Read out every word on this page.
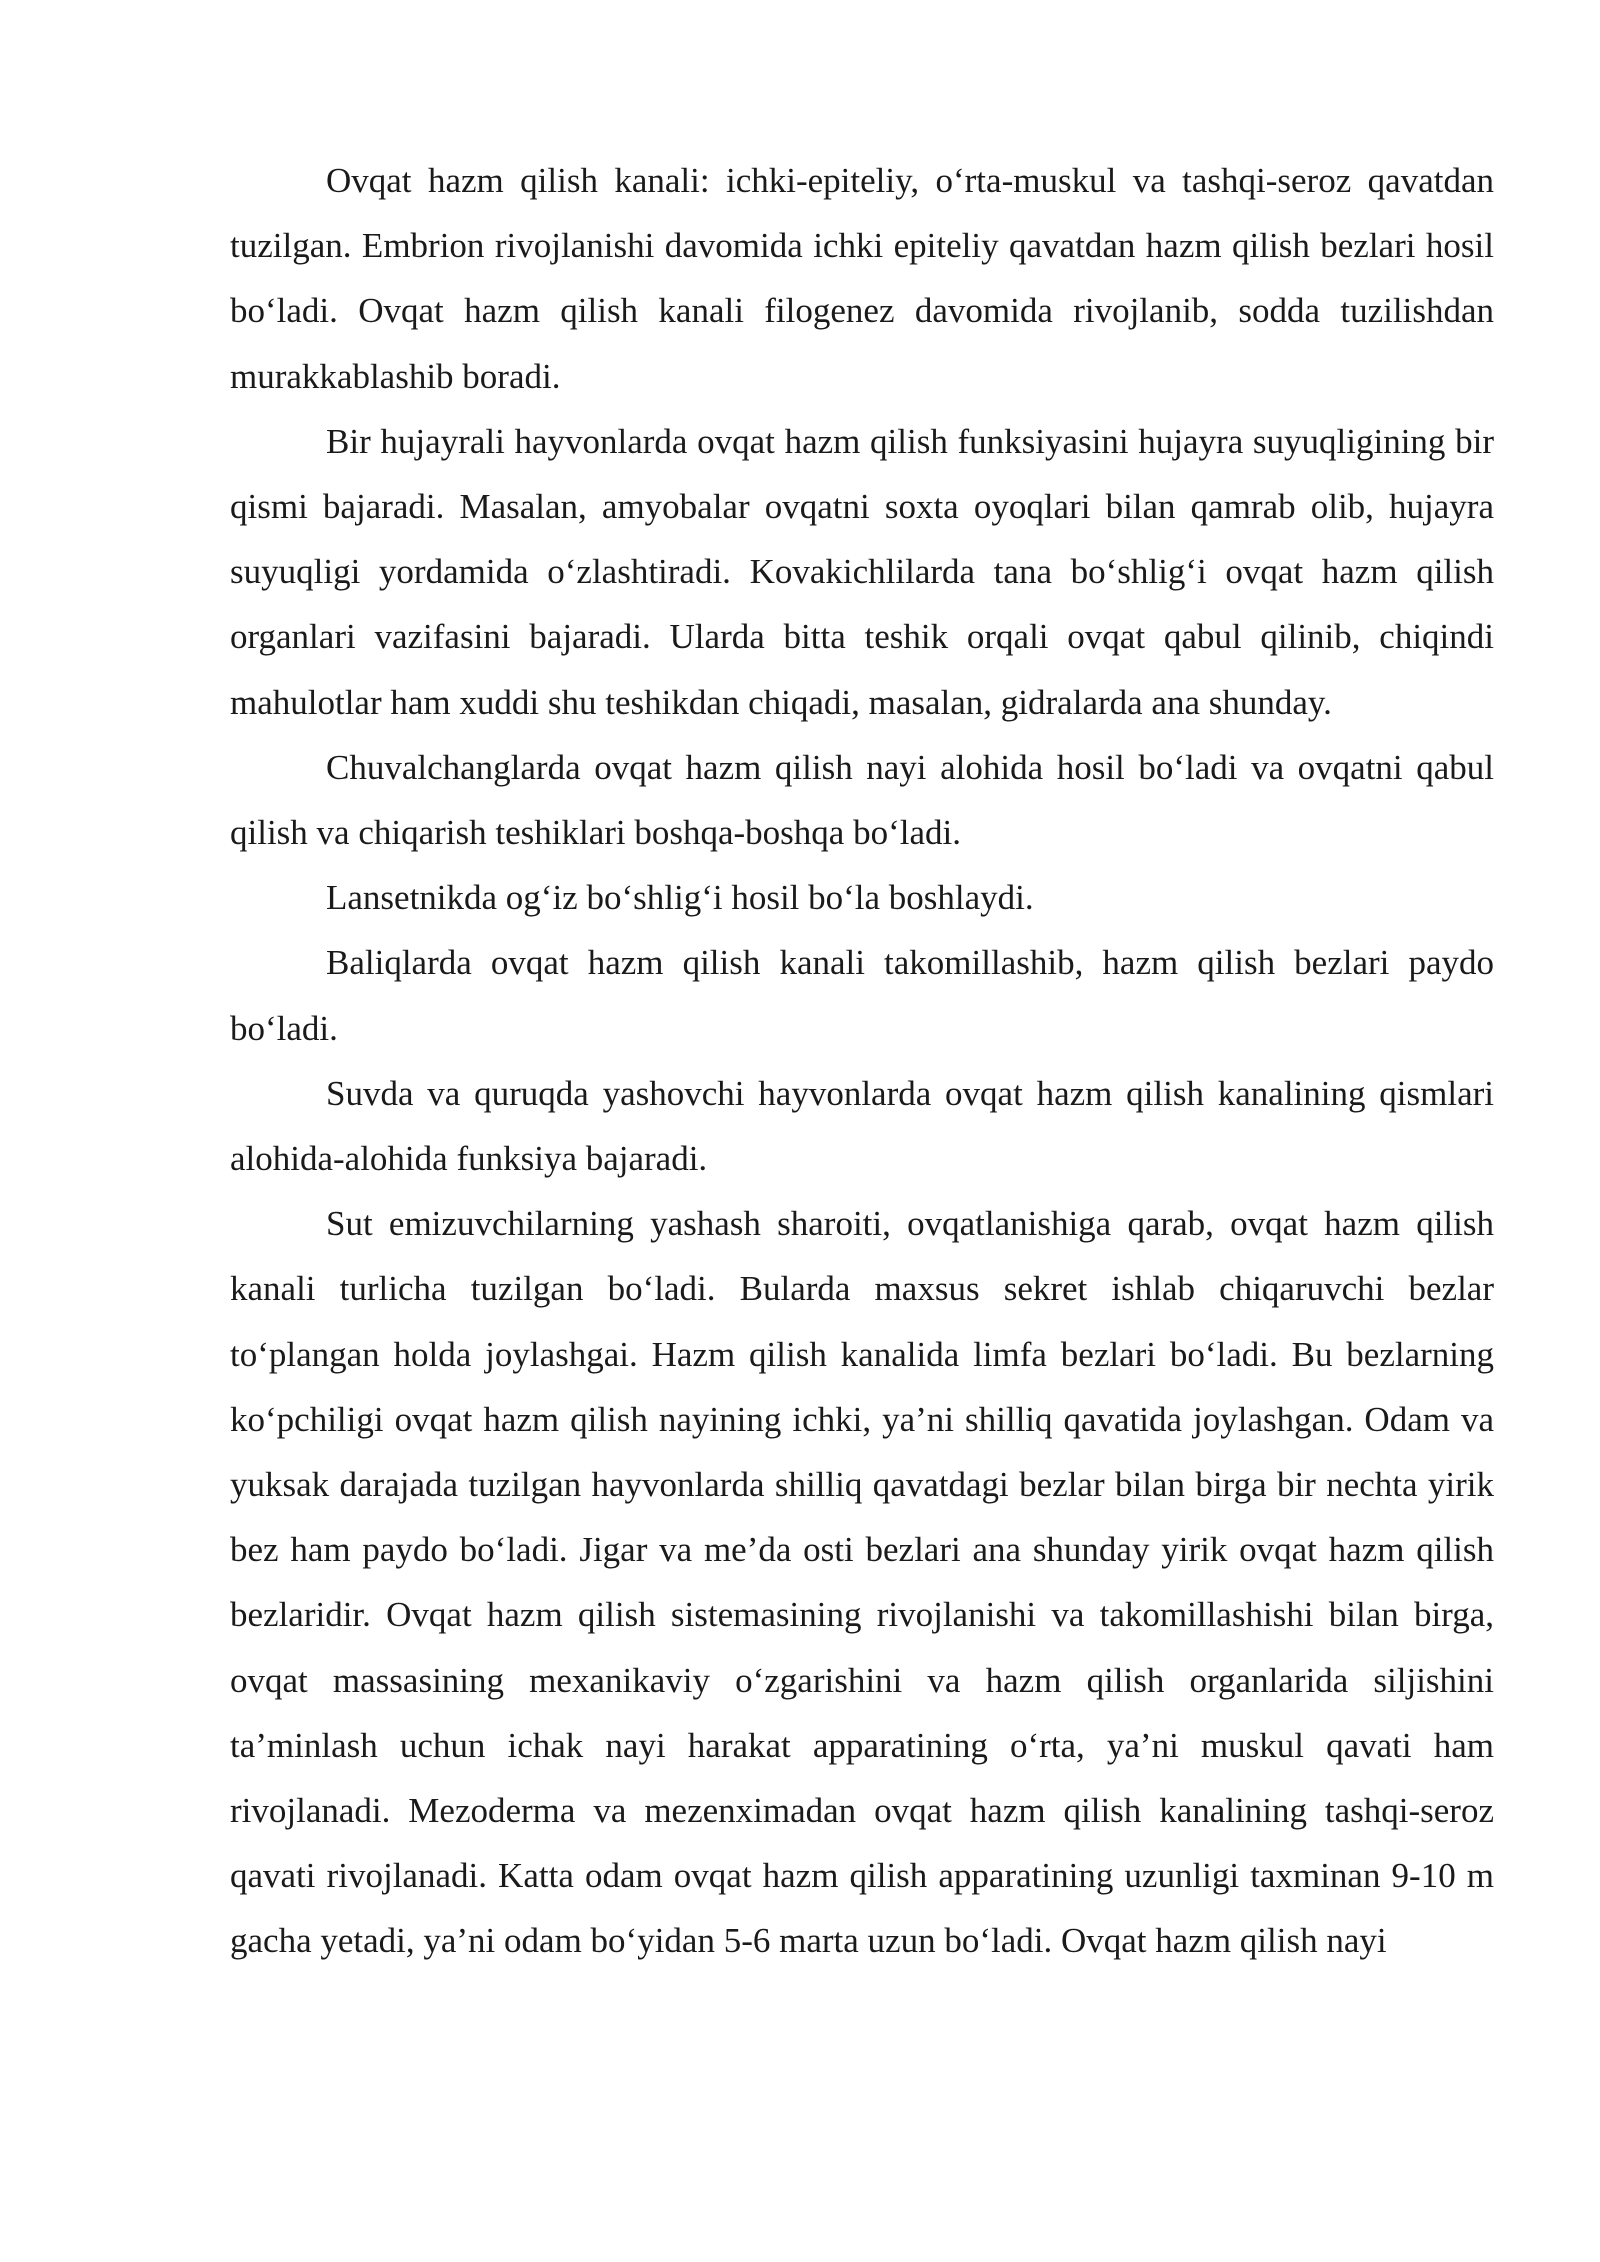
Ovqat hazm qilish kanali: ichki-epiteliy, o‘rta-muskul va tashqi-seroz qavatdan tuzilgan. Embrion rivojlanishi davomida ichki epiteliy qavatdan hazm qilish bezlari hosil bo‘ladi. Ovqat hazm qilish kanali filogenez davomida rivojlanib, sodda tuzilishdan murakkablashib boradi.

Bir hujayrali hayvonlarda ovqat hazm qilish funksiyasini hujayra suyuqligining bir qismi bajaradi. Masalan, amyobalar ovqatni soxta oyoqlari bilan qamrab olib, hujayra suyuqligi yordamida o‘zlashtiradi. Kovakichlilarda tana bo‘shlig‘i ovqat hazm qilish organlari vazifasini bajaradi. Ularda bitta teshik orqali ovqat qabul qilinib, chiqindi mahulotlar ham xuddi shu teshikdan chiqadi, masalan, gidralarda ana shunday.

Chuvalchanglarda ovqat hazm qilish nayi alohida hosil bo‘ladi va ovqatni qabul qilish va chiqarish teshiklari boshqa-boshqa bo‘ladi.

Lansetnikda og‘iz bo‘shlig‘i hosil bo‘la boshlaydi.

Baliqlarda ovqat hazm qilish kanali takomillashib, hazm qilish bezlari paydo bo‘ladi.

Suvda va quruqda yashovchi hayvonlarda ovqat hazm qilish kanalining qismlari alohida-alohida funksiya bajaradi.

Sut emizuvchilarning yashash sharoiti, ovqatlanishiga qarab, ovqat hazm qilish kanali turlicha tuzilgan bo‘ladi. Bularda maxsus sekret ishlab chiqaruvchi bezlar to‘plangan holda joylashgai. Hazm qilish kanalida limfa bezlari bo‘ladi. Bu bezlarning ko‘pchiligi ovqat hazm qilish nayining ichki, ya’ni shilliq qavatida joylashgan. Odam va yuksak darajada tuzilgan hayvonlarda shilliq qavatdagi bezlar bilan birga bir nechta yirik bez ham paydo bo‘ladi. Jigar va me’da osti bezlari ana shunday yirik ovqat hazm qilish bezlaridir. Ovqat hazm qilish sistemasining rivojlanishi va takomillashishi bilan birga, ovqat massasining mexanikaviy o‘zgarishini va hazm qilish organlarida siljishini ta’minlash uchun ichak nayi harakat apparatining o‘rta, ya’ni muskul qavati ham rivojlanadi. Mezoderma va mezenximadan ovqat hazm qilish kanalining tashqi-seroz qavati rivojlanadi. Katta odam ovqat hazm qilish apparatining uzunligi taxminan 9-10 m gacha yetadi, ya’ni odam bo‘yidan 5-6 marta uzun bo‘ladi. Ovqat hazm qilish nayi
